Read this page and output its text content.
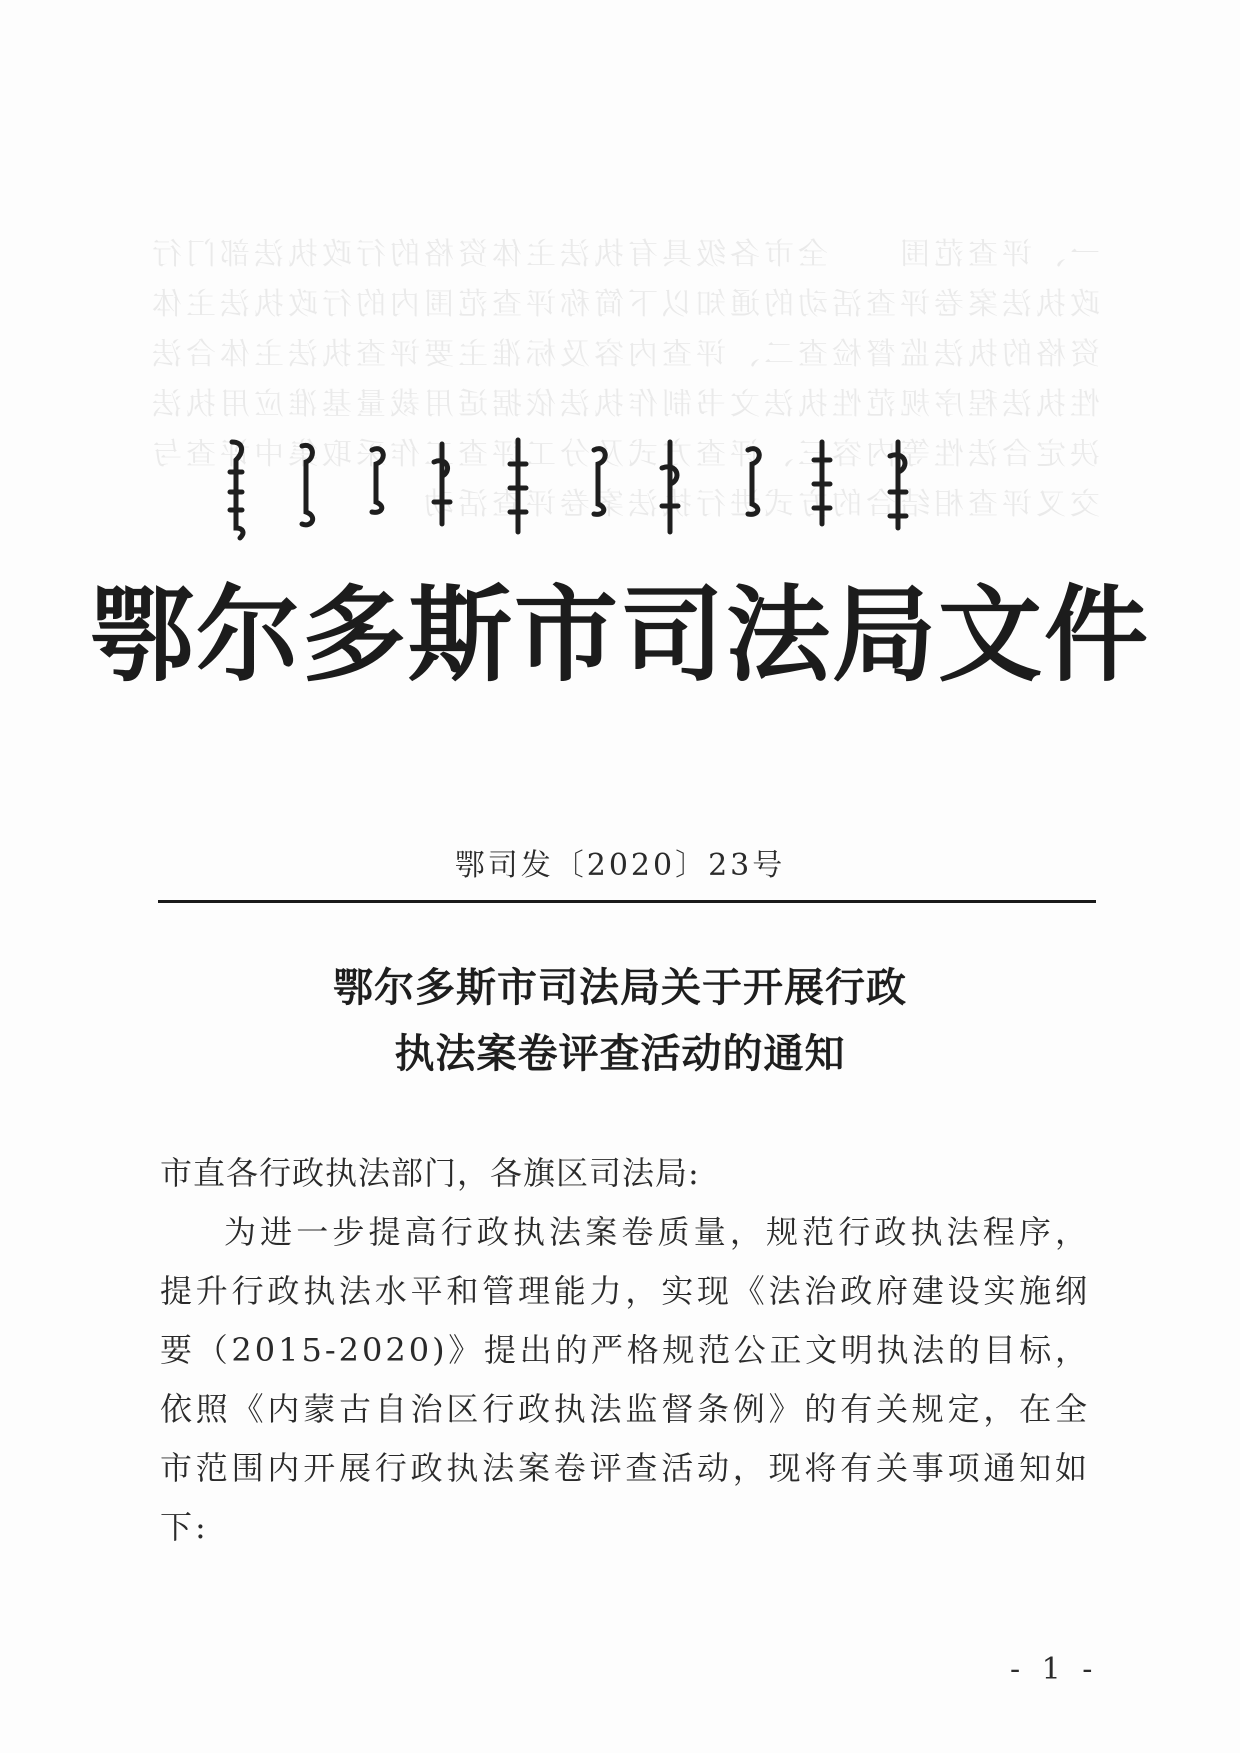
一、评查范围　　全市各级具有执法主体资格的行政执法部门行政执法案卷评查活动的通知以下简称评查范围内的行政执法主体资格的执法监督检查二、评查内容及标准主要评查执法主体合法性执法程序规范性执法文书制作执法依据适用裁量基准应用执法决定合法性等内容三、评查方式及分工评查工作采取集中评查与交叉评查相结合的方式进行执法案卷评查活动
鄂尔多斯市司法局文件
鄂司发〔2020〕23号
鄂尔多斯市司法局关于开展行政
执法案卷评查活动的通知
市直各行政执法部门，各旗区司法局:
为进一步提高行政执法案卷质量，规范行政执法程序，提升行政执法水平和管理能力，实现《法治政府建设实施纲要（2015-2020)》提出的严格规范公正文明执法的目标，依照《内蒙古自治区行政执法监督条例》的有关规定，在全市范围内开展行政执法案卷评查活动，现将有关事项通知如下:
- 1 -
